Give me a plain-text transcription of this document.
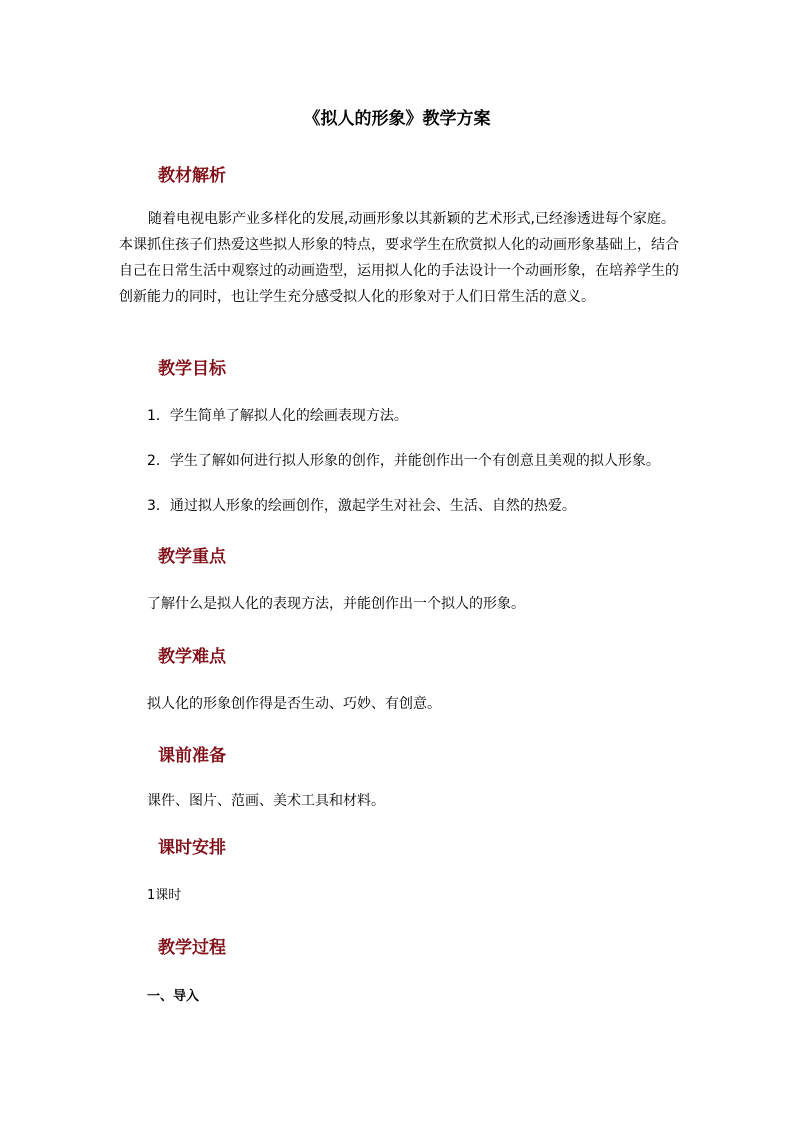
《拟人的形象》教学方案
教材解析
随着电视电影产业多样化的发展,动画形象以其新颖的艺术形式,已经渗透进每个家庭。
本课抓住孩子们热爱这些拟人形象的特点，要求学生在欣赏拟人化的动画形象基础上，结合
自己在日常生活中观察过的动画造型，运用拟人化的手法设计一个动画形象，在培养学生的
创新能力的同时，也让学生充分感受拟人化的形象对于人们日常生活的意义。
教学目标
1．学生简单了解拟人化的绘画表现方法。
2．学生了解如何进行拟人形象的创作，并能创作出一个有创意且美观的拟人形象。
3．通过拟人形象的绘画创作，激起学生对社会、生活、自然的热爱。
教学重点
了解什么是拟人化的表现方法，并能创作出一个拟人的形象。
教学难点
拟人化的形象创作得是否生动、巧妙、有创意。
课前准备
课件、图片、范画、美术工具和材料。
课时安排
1课时
教学过程
一、导入
